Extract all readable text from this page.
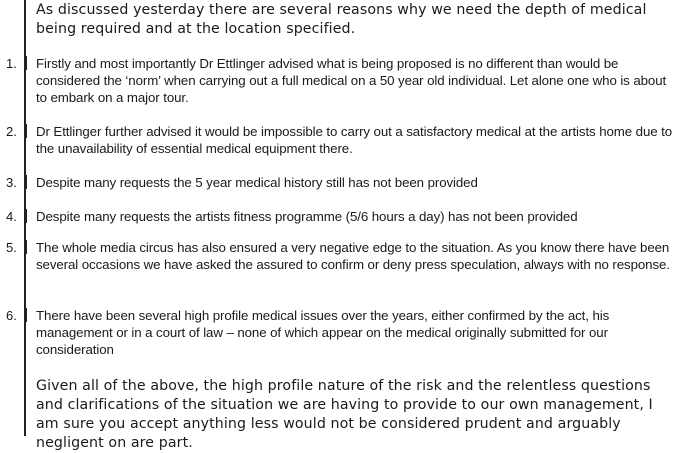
As discussed yesterday there are several reasons why we need the depth of medical being required and at the location specified.

1. Firstly and most importantly Dr Ettlinger advised what is being proposed is no different than would be considered the ‘norm’ when carrying out a full medical on a 50 year old individual. Let alone one who is about to embark on a major tour.

2. Dr Ettlinger further advised it would be impossible to carry out a satisfactory medical at the artists home due to the unavailability of essential medical equipment there.

3. Despite many requests the 5 year medical history still has not been provided

4. Despite many requests the artists fitness programme (5/6 hours a day) has not been provided

5. The whole media circus has also ensured a very negative edge to the situation. As you know there have been several occasions we have asked the assured to confirm or deny press speculation, always with no response.

6. There have been several high profile medical issues over the years, either confirmed by the act, his management or in a court of law – none of which appear on the medical originally submitted for our consideration

Given all of the above, the high profile nature of the risk and the relentless questions and clarifications of the situation we are having to provide to our own management, I am sure you accept anything less would not be considered prudent and arguably negligent on are part.
